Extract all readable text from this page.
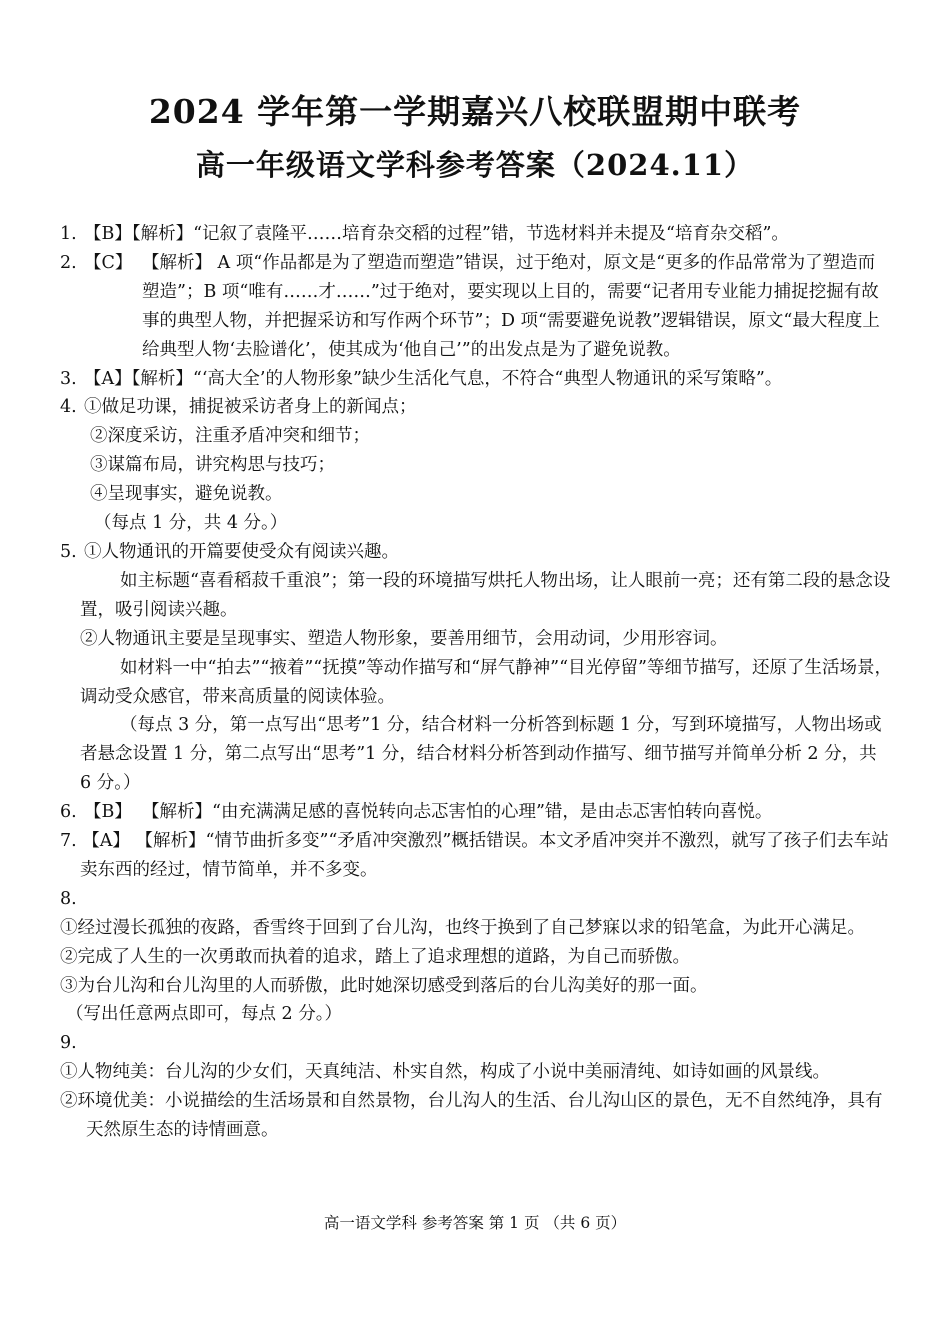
2024 学年第一学期嘉兴八校联盟期中联考
高一年级语文学科参考答案（2024.11）
1. 【B】【解析】“记叙了袁隆平……培育杂交稻的过程”错，节选材料并未提及“培育杂交稻”。
2. 【C】 【解析】 A 项“作品都是为了塑造而塑造”错误，过于绝对，原文是“更多的作品常常为了塑造而塑造”；B 项“唯有……才……”过于绝对，要实现以上目的，需要“记者用专业能力捕捉挖掘有故事的典型人物，并把握采访和写作两个环节”；D 项“需要避免说教”逻辑错误，原文“最大程度上给典型人物‘去脸谱化’，使其成为‘他自己’”的出发点是为了避免说教。
3. 【A】【解析】“‘高大全’的人物形象”缺少生活化气息，不符合“典型人物通讯的采写策略”。
4. ①做足功课，捕捉被采访者身上的新闻点；
②深度采访，注重矛盾冲突和细节；
③谋篇布局，讲究构思与技巧；
④呈现事实，避免说教。
（每点 1 分，共 4 分。）
5. ①人物通讯的开篇要使受众有阅读兴趣。
如主标题“喜看稻菽千重浪”；第一段的环境描写烘托人物出场，让人眼前一亮；还有第二段的悬念设置，吸引阅读兴趣。
②人物通讯主要是呈现事实、塑造人物形象，要善用细节，会用动词，少用形容词。
如材料一中“拍去”“掖着”“抚摸”等动作描写和“屏气静神”“目光停留”等细节描写，还原了生活场景，调动受众感官，带来高质量的阅读体验。
（每点 3 分，第一点写出“思考”1 分，结合材料一分析答到标题 1 分，写到环境描写，人物出场或者悬念设置 1 分，第二点写出“思考”1 分，结合材料分析答到动作描写、细节描写并简单分析 2 分，共 6 分。）
6. 【B】 【解析】“由充满满足感的喜悦转向忐忑害怕的心理”错，是由忐忑害怕转向喜悦。
7. 【A】 【解析】“情节曲折多变”“矛盾冲突激烈”概括错误。本文矛盾冲突并不激烈，就写了孩子们去车站卖东西的经过，情节简单，并不多变。
8.
①经过漫长孤独的夜路，香雪终于回到了台儿沟，也终于换到了自己梦寐以求的铅笔盒，为此开心满足。
②完成了人生的一次勇敢而执着的追求，踏上了追求理想的道路，为自己而骄傲。
③为台儿沟和台儿沟里的人而骄傲，此时她深切感受到落后的台儿沟美好的那一面。
（写出任意两点即可，每点 2 分。）
9.
①人物纯美：台儿沟的少女们，天真纯洁、朴实自然，构成了小说中美丽清纯、如诗如画的风景线。
②环境优美：小说描绘的生活场景和自然景物，台儿沟人的生活、台儿沟山区的景色，无不自然纯净，具有天然原生态的诗情画意。
高一语文学科 参考答案 第 1 页 （共 6 页）
